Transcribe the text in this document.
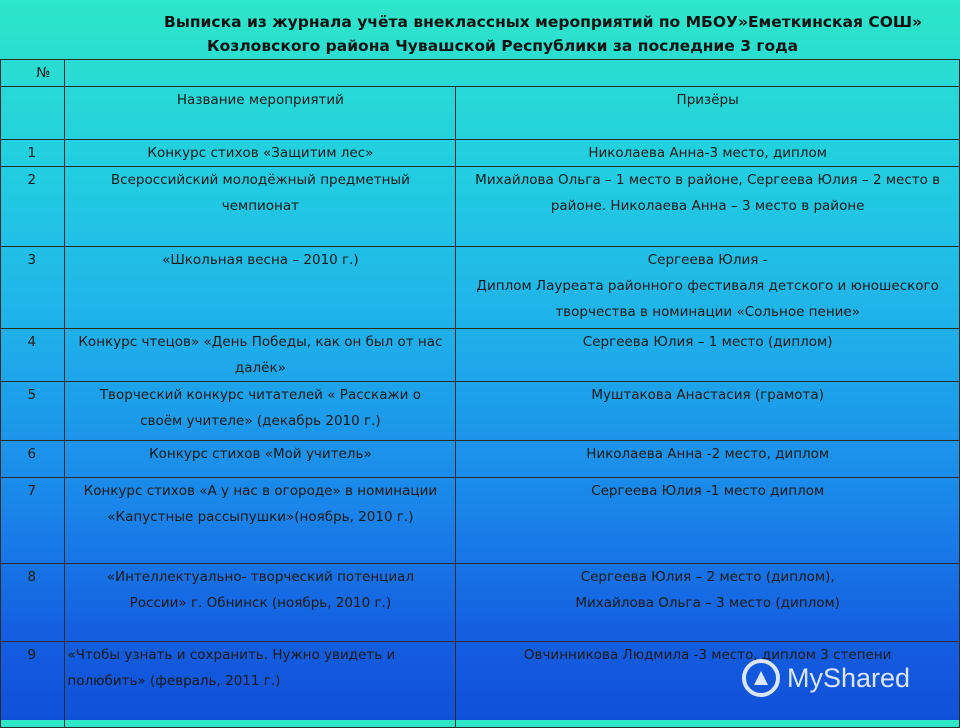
Выписка из журнала учёта внеклассных мероприятий по МБОУ»Еметкинская СОШ»
Козловского района Чувашской Республики за последние 3 года
№		
	Название мероприятий	Призёры
1	Конкурс стихов «Защитим лес»	Николаева Анна-3 место, диплом
2	Всероссийский молодёжный предметный чемпионат	Михайлова Ольга – 1 место в районе, Сергеева Юлия – 2 место в районе. Николаева Анна – 3 место в районе
3	«Школьная весна – 2010 г.)	Сергеева Юлия -
Диплом Лауреата районного фестиваля детского и юношеского творчества в номинации «Сольное пение»

4	Конкурс чтецов» «День Победы, как он был от нас далёк»	Сергеева Юлия – 1 место (диплом)
5	Творческий конкурс читателей « Расскажи о своём учителе» (декабрь 2010 г.)	Муштакова Анастасия (грамота)
6	Конкурс стихов «Мой учитель»	Николаева Анна -2 место, диплом
7	Конкурс стихов «А у нас в огороде» в номинации «Капустные рассыпушки»(ноябрь, 2010 г.)	Сергеева Юлия -1 место диплом
8	«Интеллектуально- творческий потенциал России» г. Обнинск (ноябрь, 2010 г.)	Сергеева Юлия – 2 место (диплом),
Михайлова Ольга – 3 место (диплом)

9	«Чтобы узнать и сохранить. Нужно увидеть и полюбить» (февраль, 2011 г.)	Овчинникова Людмила -3 место, диплом 3 степени
MyShared
